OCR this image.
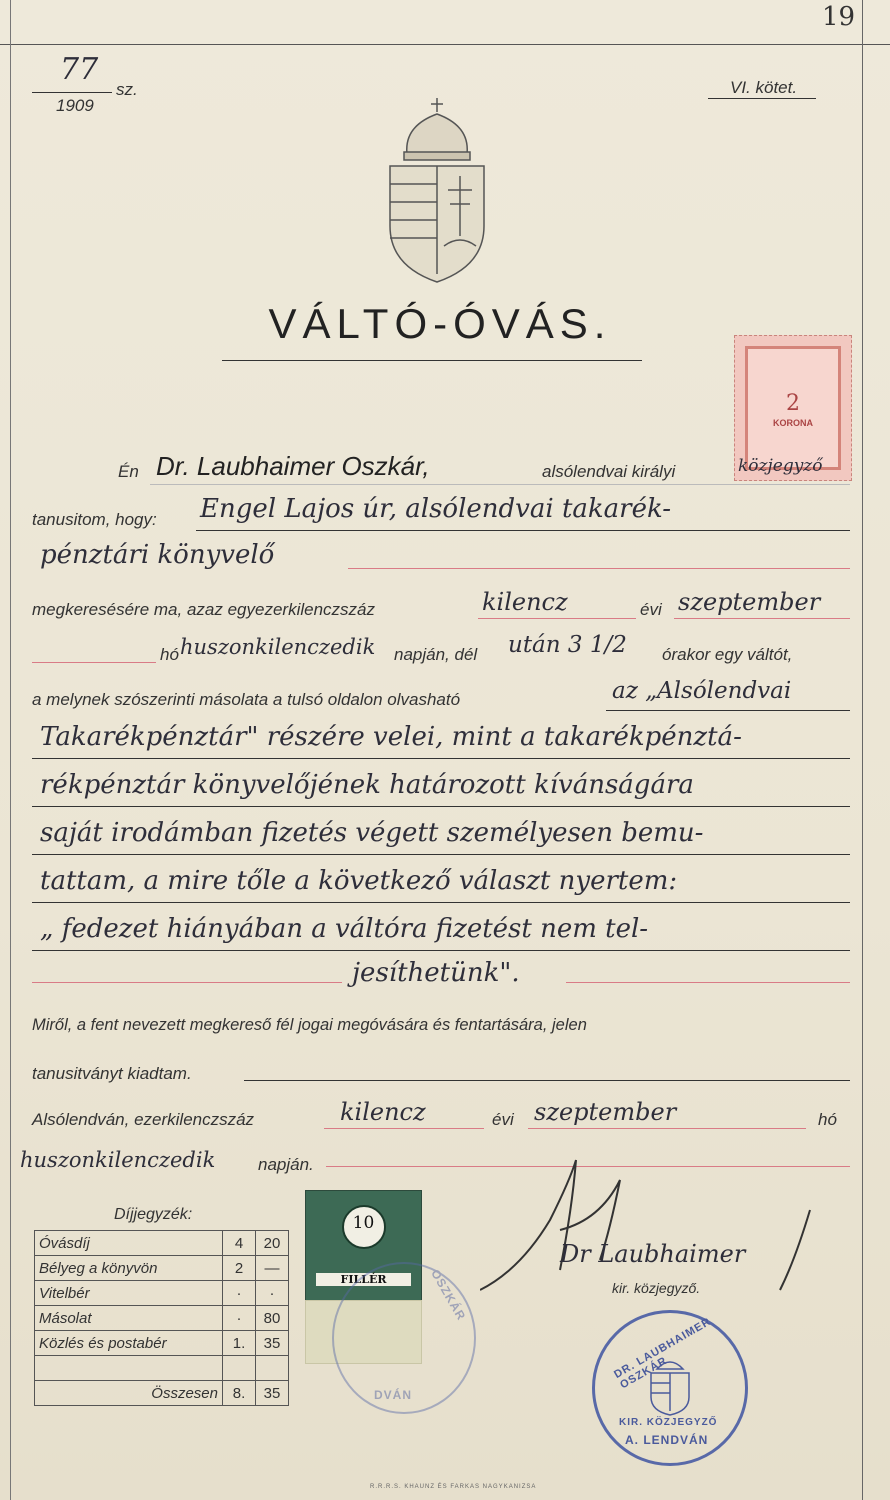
19
77
sz.
1909
VI. kötet.
VÁLTÓ-ÓVÁS.
2
KORONA
Én Dr. Laubhaimer Oszkár,	alsólendvai királyi	közjegyző
tanusitom, hogy: Engel Lajos úr, alsólendvai takarék-
pénztári könyvelő
megkeresésére ma, azaz egyezerkilenczszáz	kilencz	évi szeptember
hó huszonkilenczedik napján, dél után 3 1/2 órakor egy váltót,
a melynek szószerinti másolata a tulsó oldalon olvasható	az „Alsólendvai
Takarékpénztár" részére velei, mint a takarékpénztá-
rékpénztár könyvelőjének határozott kívánságára
saját irodámban fizetés végett személyesen bemu-
tattam, a mire tőle a következő választ nyertem:
„ fedezet hiányában a váltóra fizetést nem tel-
jesíthetünk".
Miről, a fent nevezett megkereső fél jogai megóvására és fentartására, jelen
tanusitványt kiadtam.
Alsólendván, ezerkilenczszáz	kilencz	évi szeptember	hó
huszonkilenczedik	napján.
Díjjegyzék:
Óvásdíj	4	20
Bélyeg a könyvön	2	—
Vitelbér	·	·
Másolat	·	80
Közlés és postabér	1.	35

Összesen	8.	35
10
FILLÉR	OSZKÁR
DVÁN
Dr Laubhaimer
kir. közjegyző.
DR. LAUBHAIMER OSZKÁR
KIR. KÖZJEGYZŐ
A. LENDVÁN
R.R.R.S. KHAUNZ ÉS FARKAS NAGYKANIZSA
